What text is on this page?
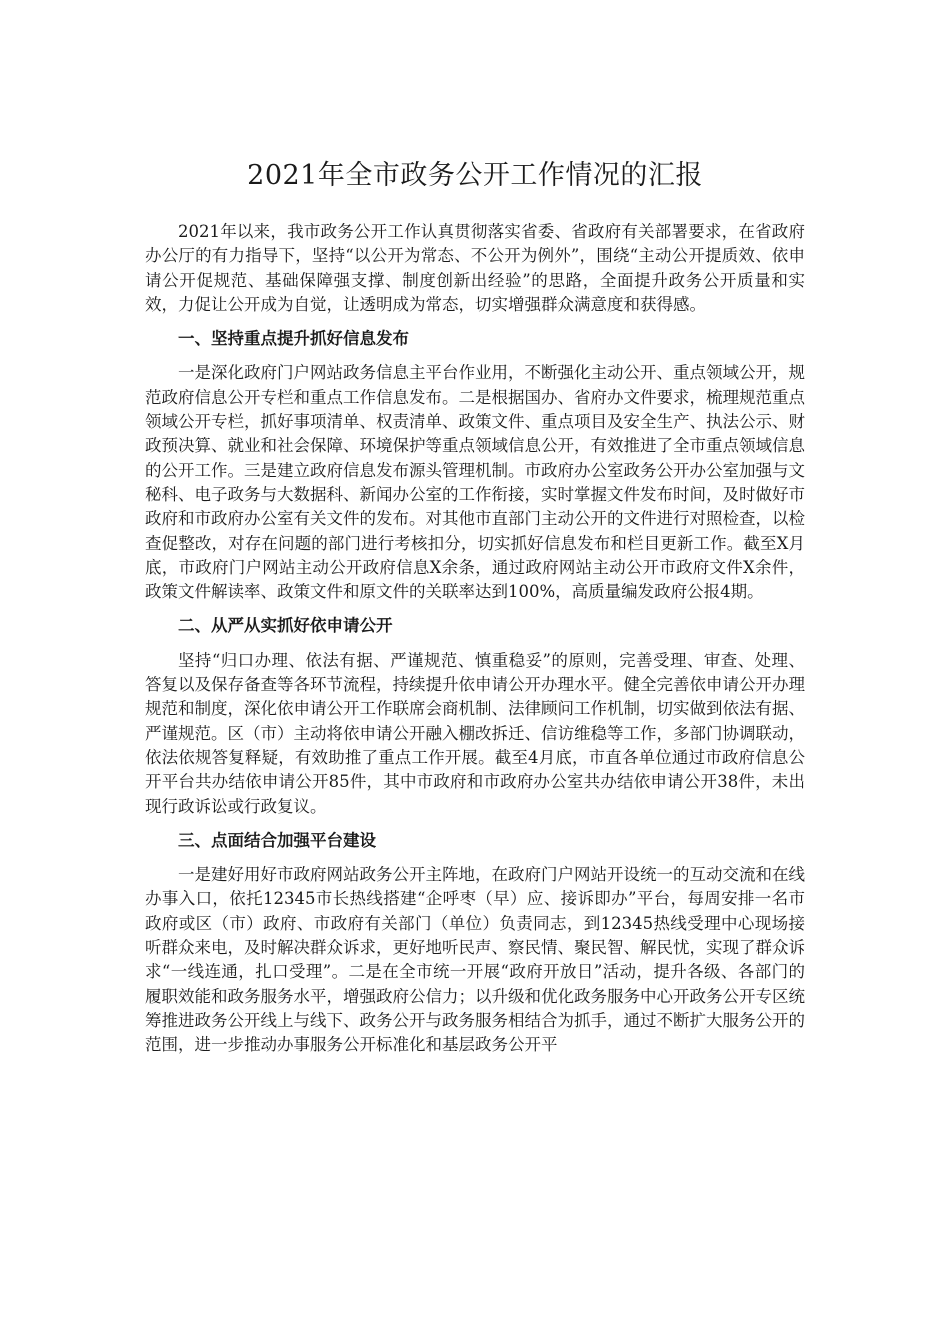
2021年全市政务公开工作情况的汇报

2021年以来，我市政务公开工作认真贯彻落实省委、省政府有关部署要求，在省政府办公厅的有力指导下，坚持“以公开为常态、不公开为例外”，围绕“主动公开提质效、依申请公开促规范、基础保障强支撑、制度创新出经验”的思路，全面提升政务公开质量和实效，力促让公开成为自觉，让透明成为常态，切实增强群众满意度和获得感。

一、坚持重点提升抓好信息发布

一是深化政府门户网站政务信息主平台作业用，不断强化主动公开、重点领域公开，规范政府信息公开专栏和重点工作信息发布。二是根据国办、省府办文件要求，梳理规范重点领域公开专栏，抓好事项清单、权责清单、政策文件、重点项目及安全生产、执法公示、财政预决算、就业和社会保障、环境保护等重点领域信息公开，有效推进了全市重点领域信息的公开工作。三是建立政府信息发布源头管理机制。市政府办公室政务公开办公室加强与文秘科、电子政务与大数据科、新闻办公室的工作衔接，实时掌握文件发布时间，及时做好市政府和市政府办公室有关文件的发布。对其他市直部门主动公开的文件进行对照检查，以检查促整改，对存在问题的部门进行考核扣分，切实抓好信息发布和栏目更新工作。截至X月底，市政府门户网站主动公开政府信息X余条，通过政府网站主动公开市政府文件X余件，政策文件解读率、政策文件和原文件的关联率达到100%，高质量编发政府公报4期。

二、从严从实抓好依申请公开

坚持“归口办理、依法有据、严谨规范、慎重稳妥”的原则，完善受理、审查、处理、答复以及保存备查等各环节流程，持续提升依申请公开办理水平。健全完善依申请公开办理规范和制度，深化依申请公开工作联席会商机制、法律顾问工作机制，切实做到依法有据、严谨规范。区（市）主动将依申请公开融入棚改拆迁、信访维稳等工作，多部门协调联动，依法依规答复释疑，有效助推了重点工作开展。截至4月底，市直各单位通过市政府信息公开平台共办结依申请公开85件，其中市政府和市政府办公室共办结依申请公开38件，未出现行政诉讼或行政复议。

三、点面结合加强平台建设

一是建好用好市政府网站政务公开主阵地，在政府门户网站开设统一的互动交流和在线办事入口，依托12345市长热线搭建“企呼枣（早）应、接诉即办”平台，每周安排一名市政府或区（市）政府、市政府有关部门（单位）负责同志，到12345热线受理中心现场接听群众来电，及时解决群众诉求，更好地听民声、察民情、聚民智、解民忧，实现了群众诉求“一线连通，扎口受理”。二是在全市统一开展“政府开放日”活动，提升各级、各部门的履职效能和政务服务水平，增强政府公信力；以升级和优化政务服务中心开政务公开专区统筹推进政务公开线上与线下、政务公开与政务服务相结合为抓手，通过不断扩大服务公开的范围，进一步推动办事服务公开标准化和基层政务公开平
